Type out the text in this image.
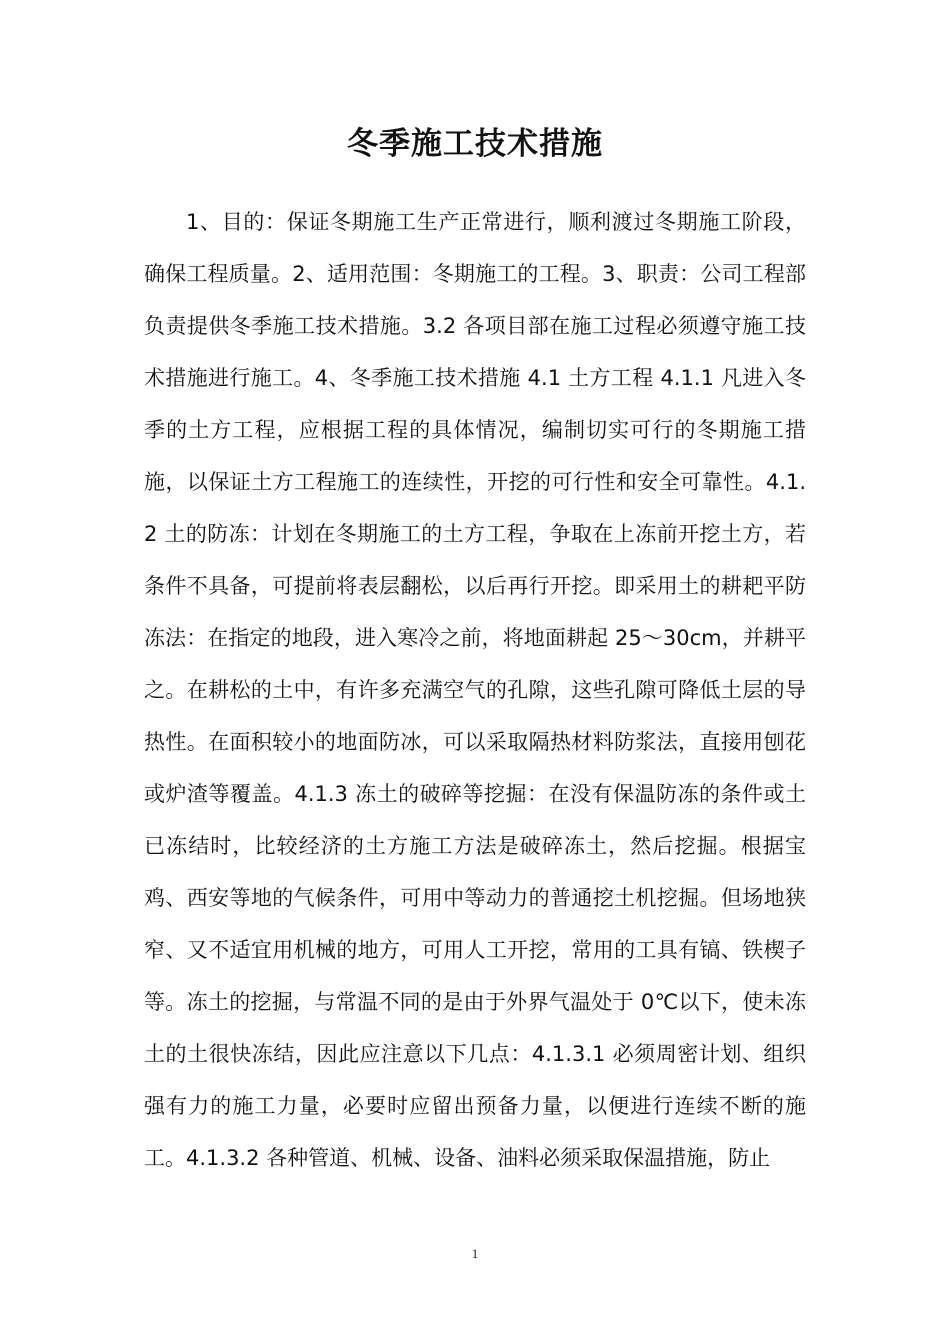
冬季施工技术措施

1、目的：保证冬期施工生产正常进行，顺利渡过冬期施工阶段，确保工程质量。2、适用范围：冬期施工的工程。3、职责：公司工程部负责提供冬季施工技术措施。3.2 各项目部在施工过程必须遵守施工技术措施进行施工。4、冬季施工技术措施 4.1 土方工程 4.1.1 凡进入冬季的土方工程，应根据工程的具体情况，编制切实可行的冬期施工措施，以保证土方工程施工的连续性，开挖的可行性和安全可靠性。4.1.2 土的防冻：计划在冬期施工的土方工程，争取在上冻前开挖土方，若条件不具备，可提前将表层翻松，以后再行开挖。即采用土的耕耙平防冻法：在指定的地段，进入寒冷之前，将地面耕起 25～30cm，并耕平之。在耕松的土中，有许多充满空气的孔隙，这些孔隙可降低土层的导热性。在面积较小的地面防冰，可以采取隔热材料防浆法，直接用刨花或炉渣等覆盖。4.1.3 冻土的破碎等挖掘：在没有保温防冻的条件或土已冻结时，比较经济的土方施工方法是破碎冻土，然后挖掘。根据宝鸡、西安等地的气候条件，可用中等动力的普通挖土机挖掘。但场地狭窄、又不适宜用机械的地方，可用人工开挖，常用的工具有镐、铁楔子等。冻土的挖掘，与常温不同的是由于外界气温处于 0℃以下，使未冻土的土很快冻结，因此应注意以下几点：4.1.3.1 必须周密计划、组织强有力的施工力量，必要时应留出预备力量，以便进行连续不断的施工。4.1.3.2 各种管道、机械、设备、油料必须采取保温措施，防止

1
